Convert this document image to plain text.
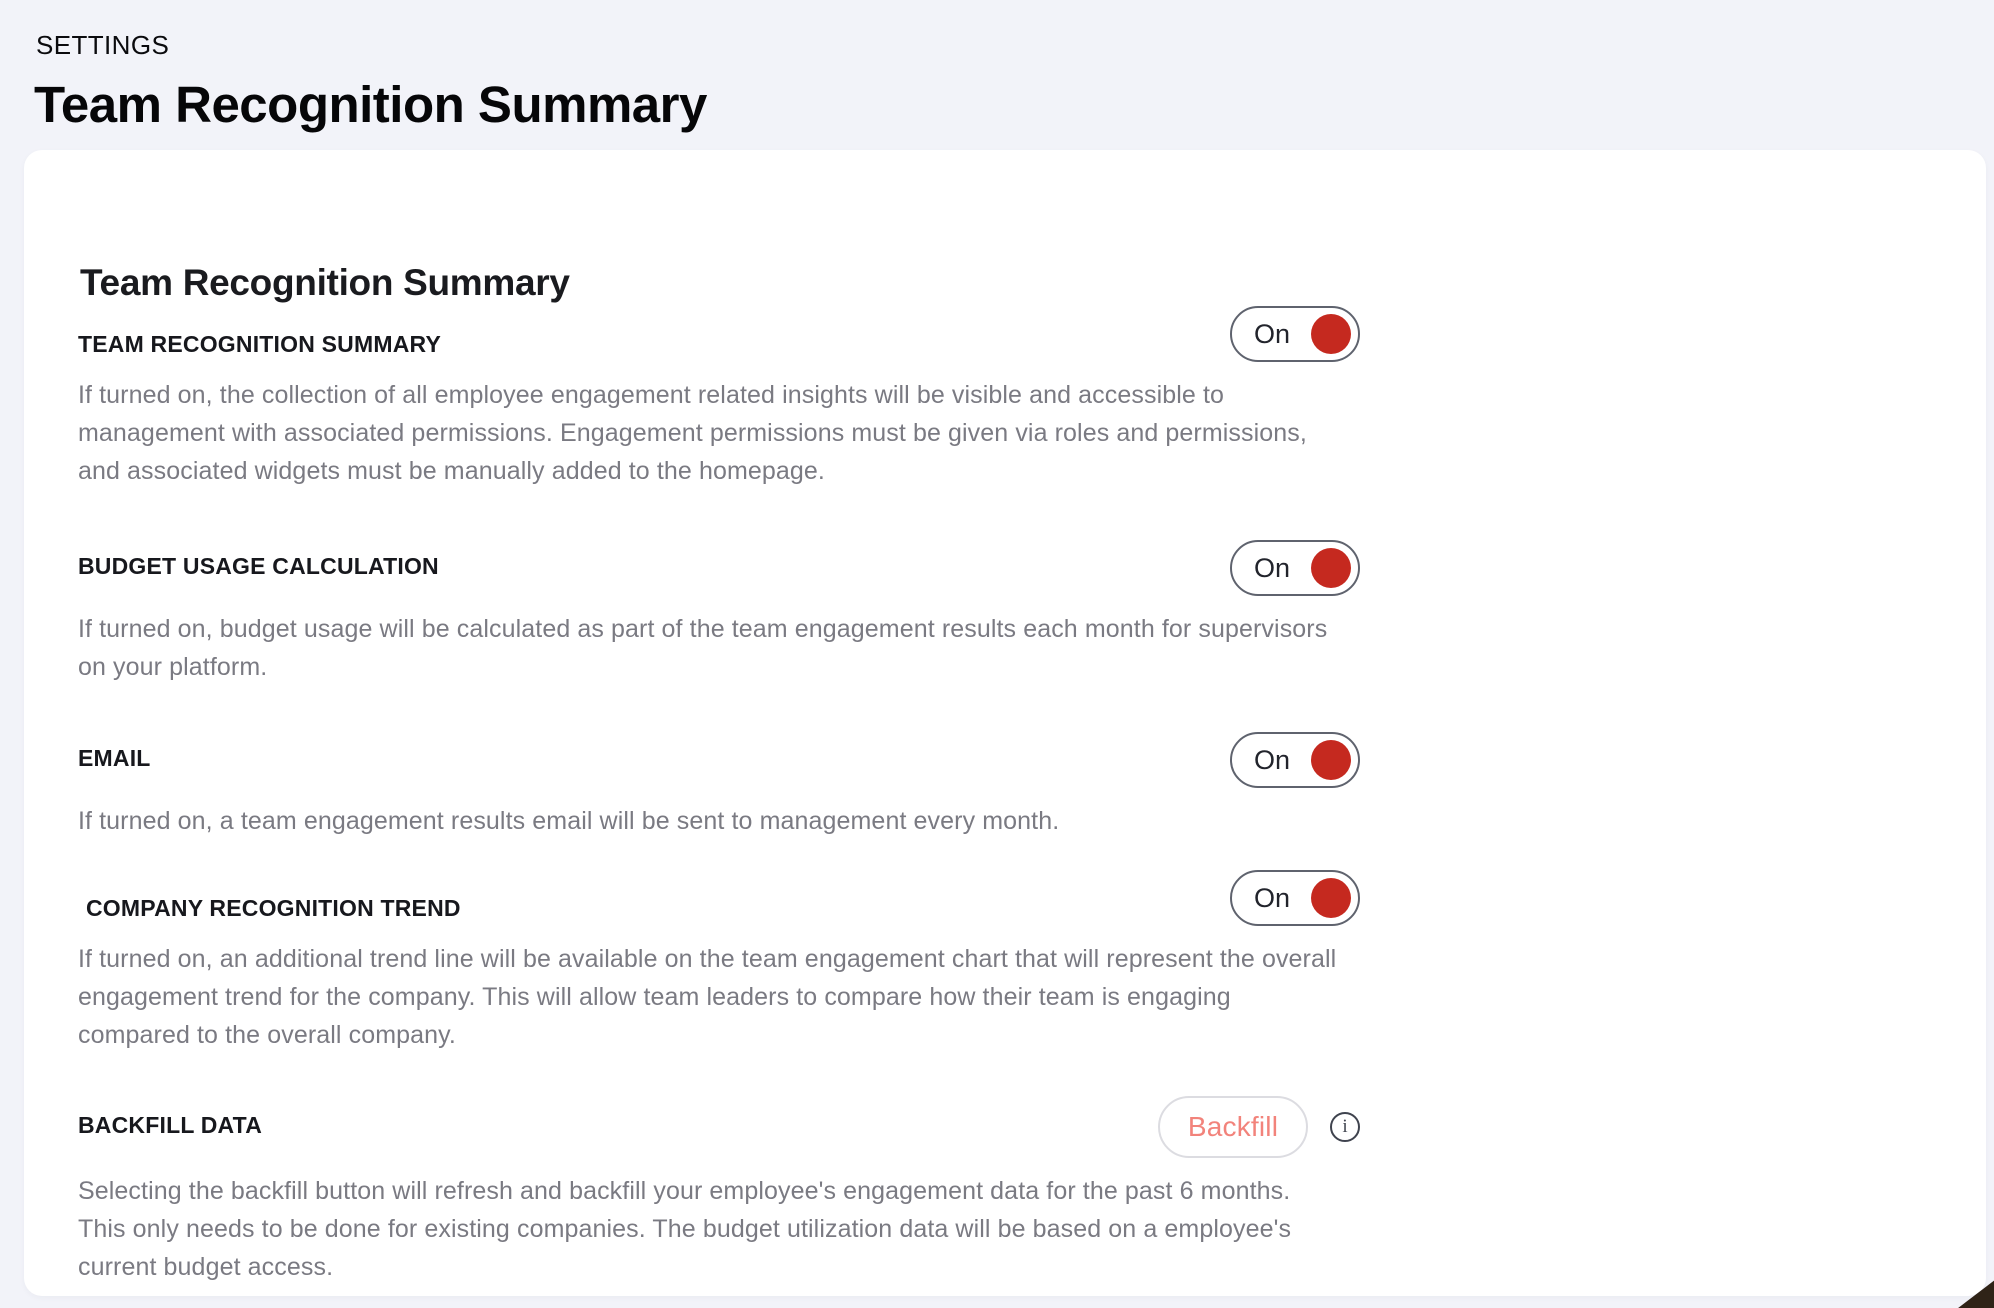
SETTINGS
Team Recognition Summary
Team Recognition Summary
TEAM RECOGNITION SUMMARY	On
If turned on, the collection of all employee engagement related insights will be visible and accessible to management with associated permissions. Engagement permissions must be given via roles and permissions, and associated widgets must be manually added to the homepage.
BUDGET USAGE CALCULATION	On
If turned on, budget usage will be calculated as part of the team engagement results each month for supervisors on your platform.
EMAIL	On
If turned on, a team engagement results email will be sent to management every month.
COMPANY RECOGNITION TREND	On
If turned on, an additional trend line will be available on the team engagement chart that will represent the overall engagement trend for the company. This will allow team leaders to compare how their team is engaging compared to the overall company.
BACKFILL DATA	Backfill	i
Selecting the backfill button will refresh and backfill your employee's engagement data for the past 6 months. This only needs to be done for existing companies. The budget utilization data will be based on a employee's current budget access.
